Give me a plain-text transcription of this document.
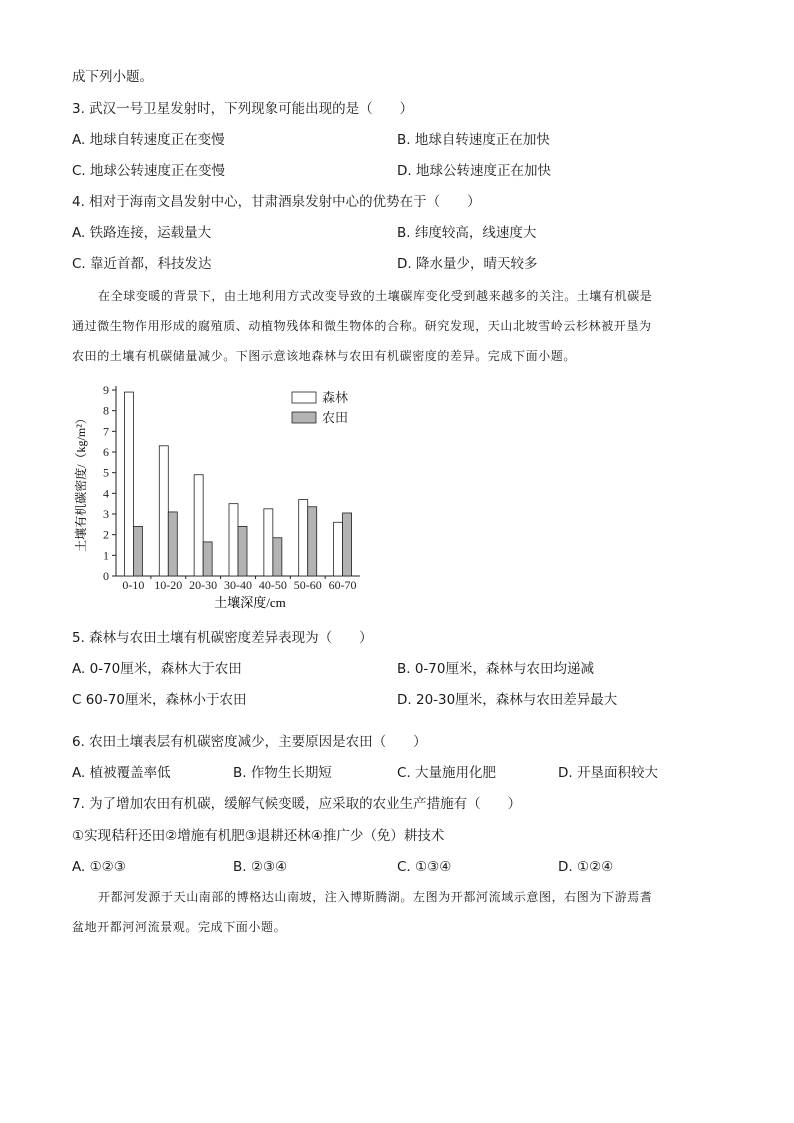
成下列小题。
3. 武汉一号卫星发射时，下列现象可能出现的是（　　）
A. 地球自转速度正在变慢	B. 地球自转速度正在加快
C. 地球公转速度正在变慢	D. 地球公转速度正在加快
4. 相对于海南文昌发射中心，甘肃酒泉发射中心的优势在于（　　）
A. 铁路连接，运载量大	B. 纬度较高，线速度大
C. 靠近首都，科技发达	D. 降水量少，晴天较多

在全球变暖的背景下，由土地利用方式改变导致的土壤碳库变化受到越来越多的关注。土壤有机碳是

通过微生物作用形成的腐殖质、动植物残体和微生物体的合称。研究发现，天山北坡雪岭云杉林被开垦为

农田的土壤有机碳储量减少。下图示意该地森林与农田有机碳密度的差异。完成下面小题。

土壤有机碳密度/（kg/m²）
0
1
2
3
4
5
6
7
8
9
0-10 10-20 20-30 30-40 40-50 50-60 60-70
森林
农田
土壤深度/cm
5. 森林与农田土壤有机碳密度差异表现为（　　）
A. 0-70厘米，森林大于农田	B. 0-70厘米，森林与农田均递减
C 60-70厘米，森林小于农田	D. 20-30厘米，森林与农田差异最大
6. 农田土壤表层有机碳密度减少，主要原因是农田（　　）
A. 植被覆盖率低	B. 作物生长期短	C. 大量施用化肥	D. 开垦面积较大
7. 为了增加农田有机碳，缓解气候变暖，应采取的农业生产措施有（　　）
①实现秸秆还田②增施有机肥③退耕还林④推广少（免）耕技术
A. ①②③	B. ②③④	C. ①③④	D. ①②④

开都河发源于天山南部的博格达山南坡，注入博斯腾湖。左图为开都河流域示意图，右图为下游焉耆

盆地开都河河流景观。完成下面小题。
